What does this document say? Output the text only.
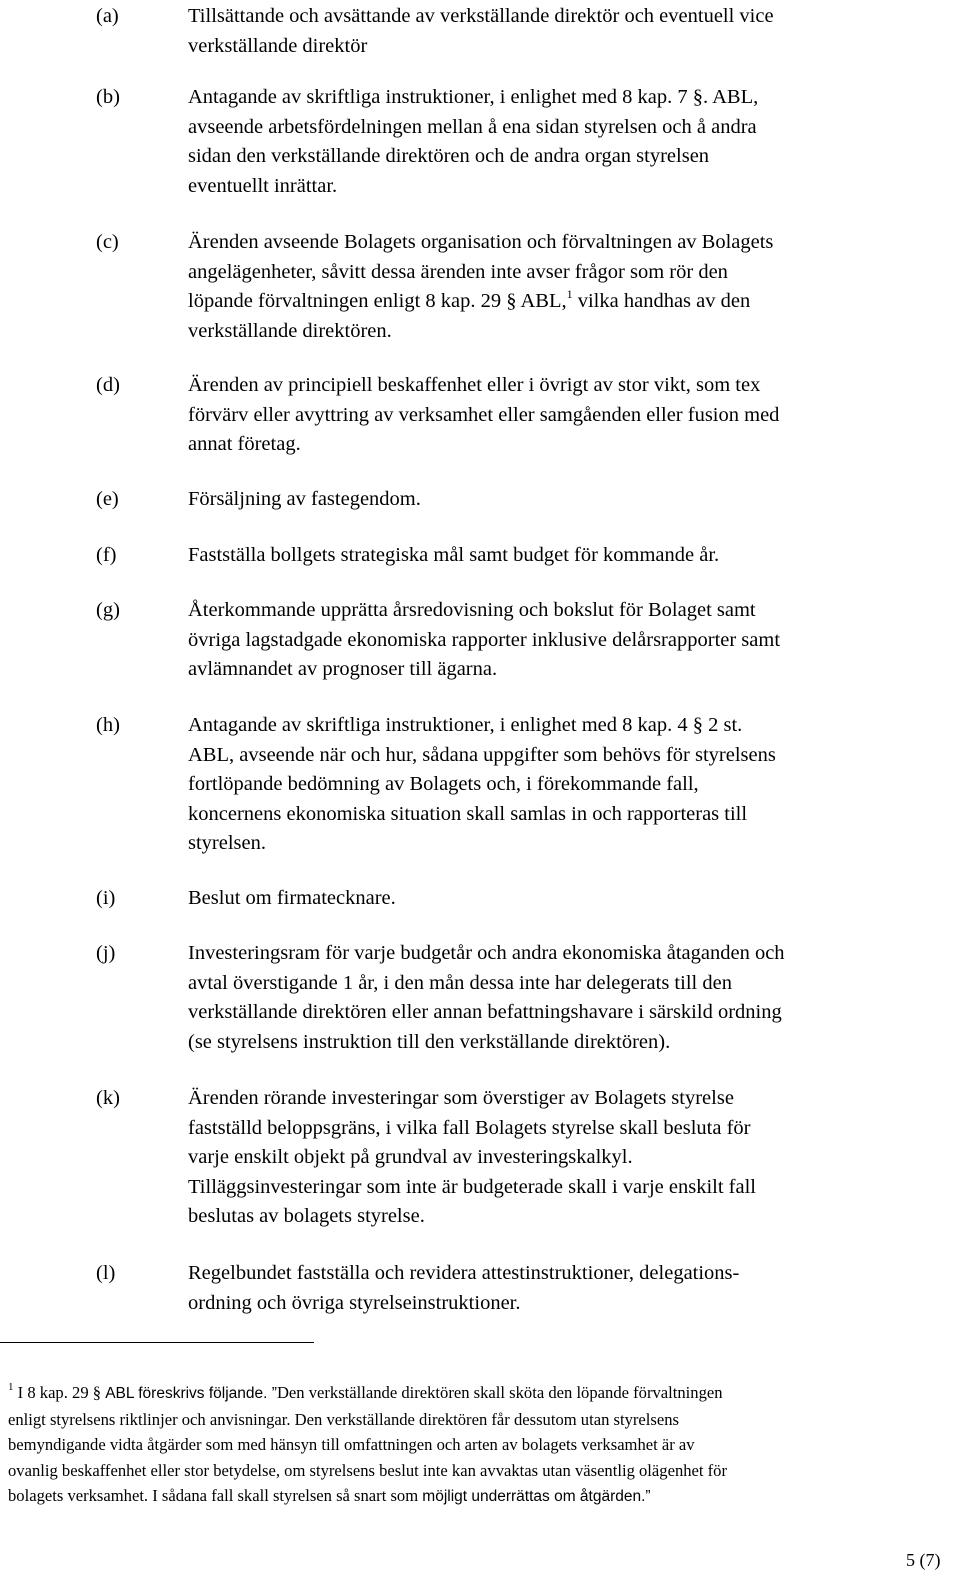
(a)	Tillsättande och avsättande av verkställande direktör och eventuell vice
verkställande direktör
(b)	Antagande av skriftliga instruktioner, i enlighet med 8 kap. 7 §. ABL,
avseende arbetsfördelningen mellan å ena sidan styrelsen och å andra
sidan den verkställande direktören och de andra organ styrelsen
eventuellt inrättar.
(c)	Ärenden avseende Bolagets organisation och förvaltningen av Bolagets
angelägenheter, såvitt dessa ärenden inte avser frågor som rör den
löpande förvaltningen enligt 8 kap. 29 § ABL,$^1$ vilka handhas av den
verkställande direktören.
(d)	Ärenden av principiell beskaffenhet eller i övrigt av stor vikt, som tex
förvärv eller avyttring av verksamhet eller samgåenden eller fusion med
annat företag.
(e)	Försäljning av fastegendom.
(f)	Fastställa bollgets strategiska mål samt budget för kommande år.
(g)	Återkommande upprätta årsredovisning och bokslut för Bolaget samt
övriga lagstadgade ekonomiska rapporter inklusive delårsrapporter samt
avlämnandet av prognoser till ägarna.
(h)	Antagande av skriftliga instruktioner, i enlighet med 8 kap. 4 § 2 st.
ABL, avseende när och hur, sådana uppgifter som behövs för styrelsens
fortlöpande bedömning av Bolagets och, i förekommande fall,
koncernens ekonomiska situation skall samlas in och rapporteras till
styrelsen.
(i)	Beslut om firmatecknare.
(j)	Investeringsram för varje budgetår och andra ekonomiska åtaganden och
avtal överstigande 1 år, i den mån dessa inte har delegerats till den
verkställande direktören eller annan befattningshavare i särskild ordning
(se styrelsens instruktion till den verkställande direktören).
(k)	Ärenden rörande investeringar som överstiger av Bolagets styrelse
fastställd beloppsgräns, i vilka fall Bolagets styrelse skall besluta för
varje enskilt objekt på grundval av investeringskalkyl.
Tilläggsinvesteringar som inte är budgeterade skall i varje enskilt fall
beslutas av bolagets styrelse.
(l)	Regelbundet fastställa och revidera attestinstruktioner, delegations-
ordning och övriga styrelseinstruktioner.
$^1$ I 8 kap. 29 § ABL föreskrivs följande. ”Den verkställande direktören skall sköta den löpande förvaltningen
enligt styrelsens riktlinjer och anvisningar. Den verkställande direktören får dessutom utan styrelsens
bemyndigande vidta åtgärder som med hänsyn till omfattningen och arten av bolagets verksamhet är av
ovanlig beskaffenhet eller stor betydelse, om styrelsens beslut inte kan avvaktas utan väsentlig olägenhet för
bolagets verksamhet. I sådana fall skall styrelsen så snart som möjligt underrättas om åtgärden.”
5 (7)
